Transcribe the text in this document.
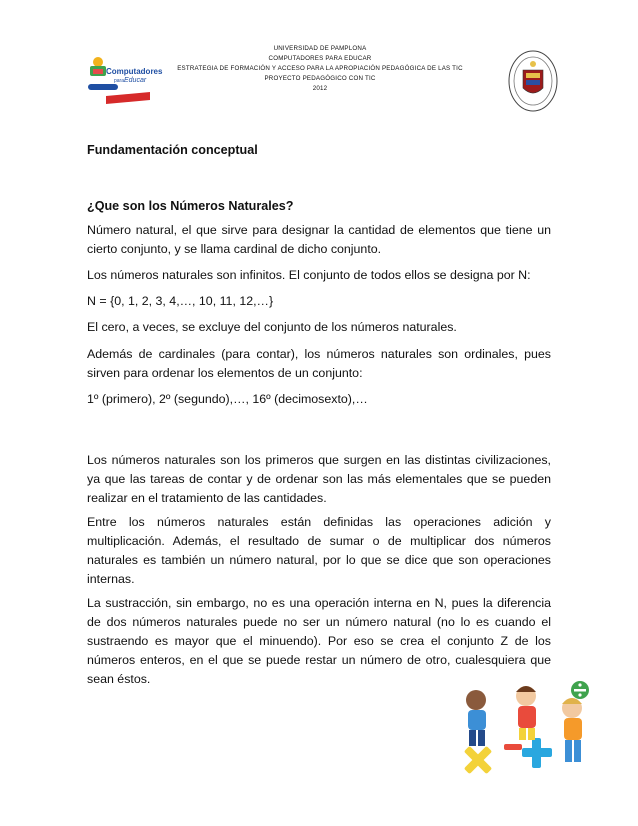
Computadores
para Educar
UNIVERSIDAD DE PAMPLONA
COMPUTADORES PARA EDUCAR
ESTRATEGIA DE FORMACIÓN Y ACCESO PARA LA APROPIACIÓN PEDAGÓGICA DE LAS TIC
PROYECTO PEDAGÓGICO CON TIC
2012
Fundamentación conceptual
¿Que son los Números Naturales?
Número natural, el que sirve para designar la cantidad de elementos que tiene un cierto conjunto, y se llama cardinal de dicho conjunto.
Los números naturales son infinitos. El conjunto de todos ellos se designa por N:
N = {0, 1, 2, 3, 4,…, 10, 11, 12,…}
El cero, a veces, se excluye del conjunto de los números naturales.
Además de cardinales (para contar), los números naturales son ordinales, pues sirven para ordenar los elementos de un conjunto:
1º (primero), 2º (segundo),…, 16º (decimosexto),…
Los números naturales son los primeros que surgen en las distintas civilizaciones, ya que las tareas de contar y de ordenar son las más elementales que se pueden realizar en el tratamiento de las cantidades.
Entre los números naturales están definidas las operaciones adición y multiplicación. Además, el resultado de sumar o de multiplicar dos números naturales es también un número natural, por lo que se dice que son operaciones internas.
La sustracción, sin embargo, no es una operación interna en N, pues la diferencia de dos números naturales puede no ser un número natural (no lo es cuando el sustraendo es mayor que el minuendo). Por eso se crea el conjunto Z de los números enteros, en el que se puede restar un número de otro, cualesquiera que sean éstos.
